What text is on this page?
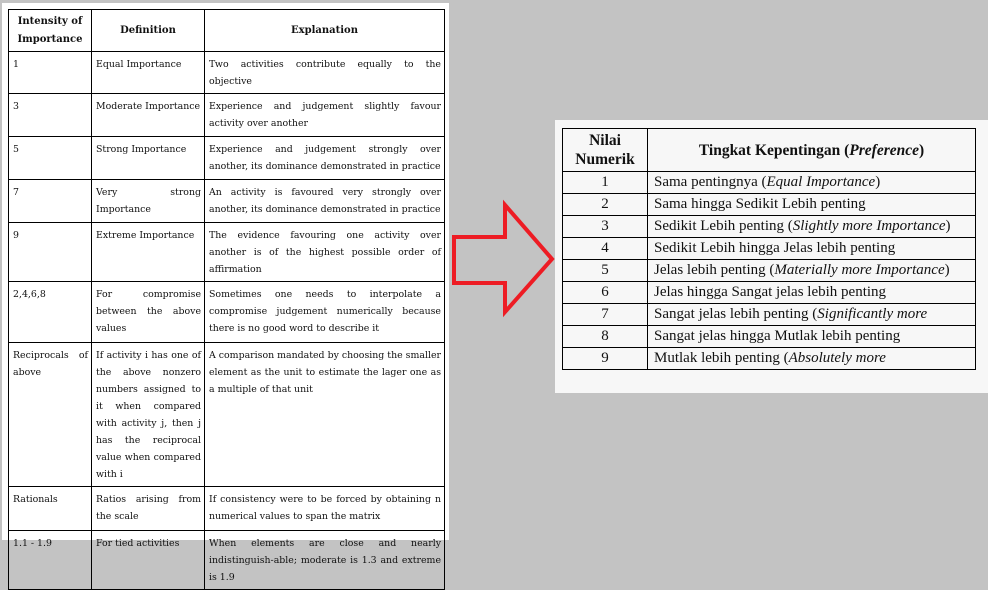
Intensity of Importance	Definition	Explanation
1	Equal Importance	Two activities contribute equally to the objective
3	Moderate Importance	Experience and judgement slightly favour activity over another
5	Strong Importance	Experience and judgement strongly over another, its dominance demonstrated in practice
7	Very strong Importance	An activity is favoured very strongly over another, its dominance demonstrated in practice
9	Extreme Importance	The evidence favouring one activity over another is of the highest possible order of affirmation
2,4,6,8	For compromise between the above values	Sometimes one needs to interpolate a compromise judgement numerically because there is no good word to describe it
Reciprocals of above	If activity i has one of the above nonzero numbers assigned to it when compared with activity j, then j has the reciprocal value when compared with i	A comparison mandated by choosing the smaller element as the unit to estimate the lager one as a multiple of that unit
Rationals	Ratios arising from the scale	If consistency were to be forced by obtaining n numerical values to span the matrix
1.1 - 1.9	For tied activities	When elements are close and nearly indistinguish-able; moderate is 1.3 and extreme is 1.9
Nilai
Numerik	Tingkat Kepentingan (Preference)
1	Sama pentingnya (Equal Importance)
2	Sama hingga Sedikit Lebih penting
3	Sedikit Lebih penting (Slightly more Importance)
4	Sedikit Lebih hingga Jelas lebih penting
5	Jelas lebih penting (Materially more Importance)
6	Jelas hingga Sangat jelas lebih penting
7	Sangat jelas lebih penting (Significantly more
8	Sangat jelas hingga Mutlak lebih penting
9	Mutlak lebih penting (Absolutely more
